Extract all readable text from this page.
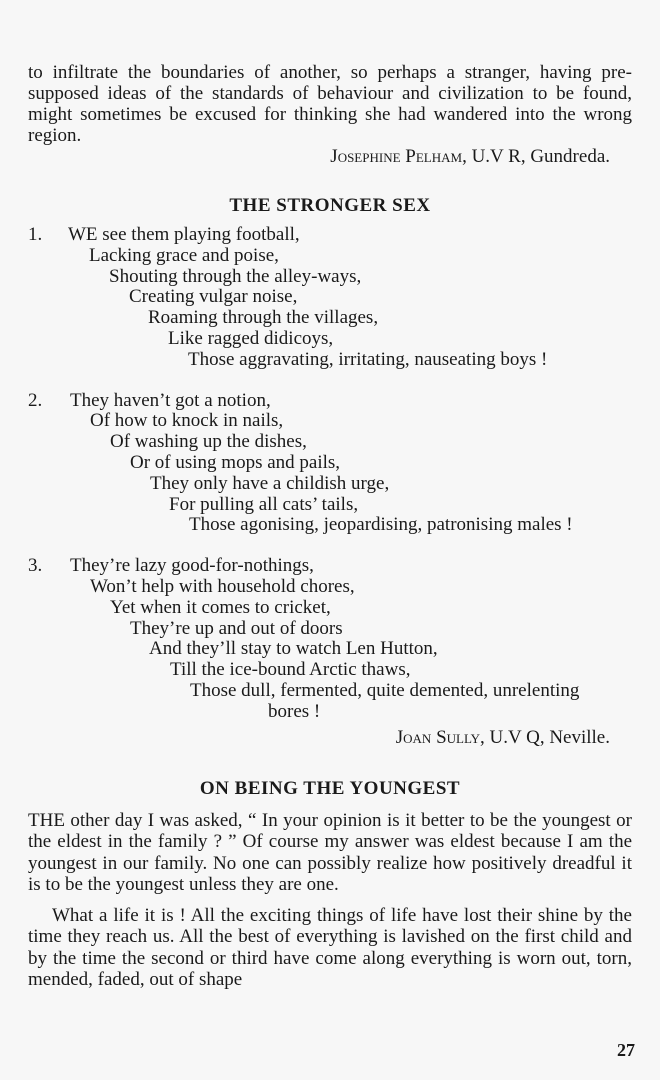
to infiltrate the boundaries of another, so perhaps a stranger, having pre-supposed ideas of the standards of behaviour and civilization to be found, might sometimes be excused for thinking she had wandered into the wrong region.

Josephine Pelham, U.V R, Gundreda.

THE STRONGER SEX
1.	WE see them playing football,
Lacking grace and poise,
Shouting through the alley-ways,
Creating vulgar noise,
Roaming through the villages,
Like ragged didicoys,
Those aggravating, irritating, nauseating boys !
2.	They haven’t got a notion,
Of how to knock in nails,
Of washing up the dishes,
Or of using mops and pails,
They only have a childish urge,
For pulling all cats’ tails,
Those agonising, jeopardising, patronising males !
3.	They’re lazy good-for-nothings,
Won’t help with household chores,
Yet when it comes to cricket,
They’re up and out of doors
And they’ll stay to watch Len Hutton,
Till the ice-bound Arctic thaws,
Those dull, fermented, quite demented, unrelenting
bores !

Joan Sully, U.V Q, Neville.

ON BEING THE YOUNGEST

THE other day I was asked, “ In your opinion is it better to be the youngest or the eldest in the family ? ” Of course my answer was eldest because I am the youngest in our family. No one can possibly realize how positively dreadful it is to be the youngest unless they are one.

What a life it is ! All the exciting things of life have lost their shine by the time they reach us. All the best of everything is lavished on the first child and by the time the second or third have come along everything is worn out, torn, mended, faded, out of shape

27
